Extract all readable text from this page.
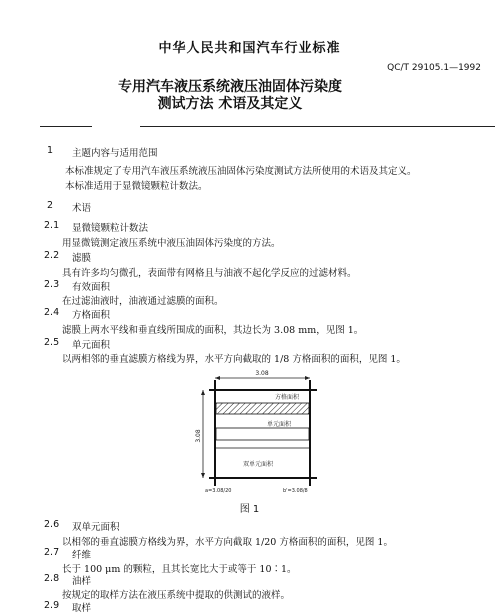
中华人民共和国汽车行业标准
QC/T 29105.1—1992
专用汽车液压系统液压油固体污染度
测试方法 术语及其定义
1 主题内容与适用范围
本标准规定了专用汽车液压系统液压油固体污染度测试方法所使用的术语及其定义。
本标准适用于显微镜颗粒计数法。
2 术语
2.1 显微镜颗粒计数法
用显微镜测定液压系统中液压油固体污染度的方法。
2.2 滤膜
具有许多均匀微孔，表面带有网格且与油液不起化学反应的过滤材料。
2.3 有效面积
在过滤油液时，油液通过滤膜的面积。
2.4 方格面积
滤膜上两水平线和垂直线所围成的面积，其边长为 3.08 mm，见图 1。
2.5 单元面积
以两相邻的垂直滤膜方格线为界，水平方向截取的 1/8 方格面积的面积，见图 1。
3.08
3.08
方格面积
单元面积
双单元面积
a=3.08/20	b'=3.08/8
图 1
2.6 双单元面积
以相邻的垂直滤膜方格线为界，水平方向截取 1/20 方格面积的面积，见图 1。
2.7 纤维
长于 100 μm 的颗粒，且其长宽比大于或等于 10∶1。
2.8 油样
按规定的取样方法在液压系统中提取的供测试的液样。
2.9 取样
